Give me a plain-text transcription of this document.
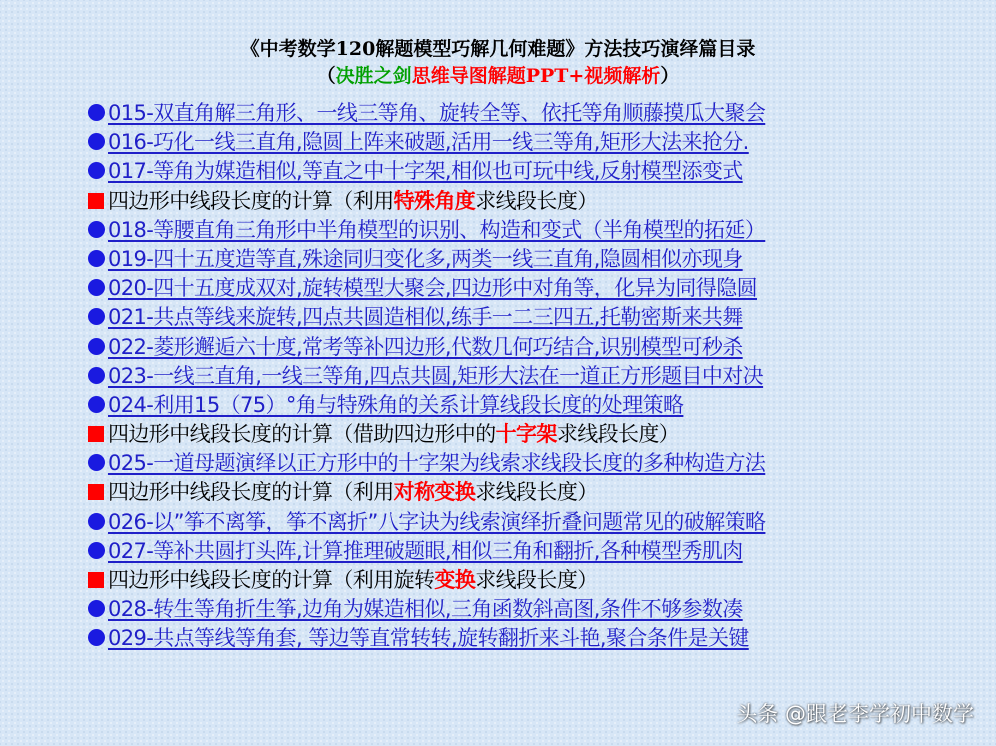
《中考数学120解题模型巧解几何难题》方法技巧演绎篇目录
（决胜之剑思维导图解题PPT+视频解析）
015-双直角解三角形、一线三等角、旋转全等、依托等角顺藤摸瓜大聚会
016-巧化一线三直角,隐圆上阵来破题,活用一线三等角,矩形大法来抢分.
017-等角为媒造相似,等直之中十字架,相似也可玩中线,反射模型添变式
四边形中线段长度的计算（利用特殊角度求线段长度）
018-等腰直角三角形中半角模型的识别、构造和变式（半角模型的拓延）
019-四十五度造等直,殊途同归变化多,两类一线三直角,隐圆相似亦现身
020-四十五度成双对,旋转模型大聚会,四边形中对角等，化异为同得隐圆
021-共点等线来旋转,四点共圆造相似,练手一二三四五,托勒密斯来共舞
022-菱形邂逅六十度,常考等补四边形,代数几何巧结合,识别模型可秒杀
023-一线三直角,一线三等角,四点共圆,矩形大法在一道正方形题目中对决
024-利用15（75）°角与特殊角的关系计算线段长度的处理策略
四边形中线段长度的计算（借助四边形中的十字架求线段长度）
025-一道母题演绎以正方形中的十字架为线索求线段长度的多种构造方法
四边形中线段长度的计算（利用对称变换求线段长度）
026-以”筝不离筝，筝不离折”八字诀为线索演绎折叠问题常见的破解策略
027-等补共圆打头阵,计算推理破题眼,相似三角和翻折,各种模型秀肌肉
四边形中线段长度的计算（利用旋转变换求线段长度）
028-转生等角折生筝,边角为媒造相似,三角函数斜高图,条件不够参数凑
029-共点等线等角套, 等边等直常转转,旋转翻折来斗艳,聚合条件是关键
头条 @跟老李学初中数学
